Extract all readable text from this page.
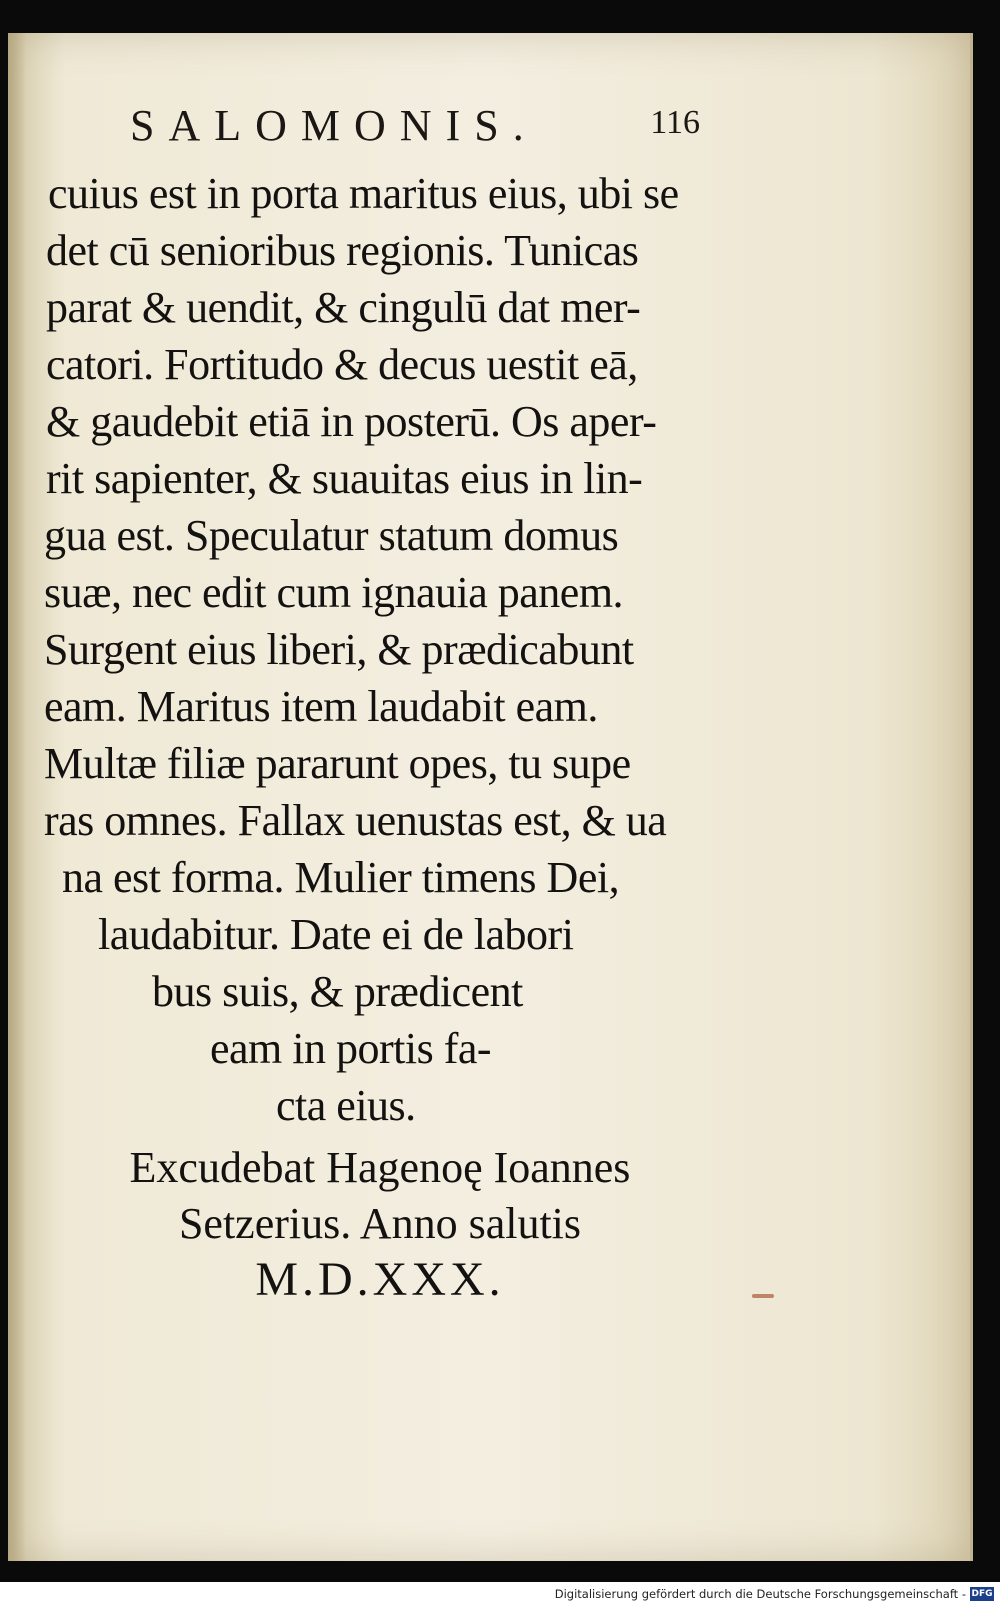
SALOMONIS.	116
cuius est in porta maritus eius, ubi se
det cū senioribus regionis. Tunicas
parat & uendit, & cingulū dat mer-
catori. Fortitudo & decus uestit eā,
& gaudebit etiā in posterū. Os aper-
rit sapienter, & suauitas eius in lin-
gua est. Speculatur statum domus
suæ, nec edit cum ignauia panem.
Surgent eius liberi, & prædicabunt
eam. Maritus item laudabit eam.
Multæ filiæ pararunt opes, tu supe
ras omnes. Fallax uenustas est, & ua
na est forma. Mulier timens Dei,
laudabitur. Date ei de labori
bus suis, & prædicent
eam in portis fa-
cta eius.
Excudebat Hagenoę Ioannes
Setzerius. Anno salutis
M.D.XXX.
Digitalisierung gefördert durch die Deutsche Forschungsgemeinschaft - DFG
